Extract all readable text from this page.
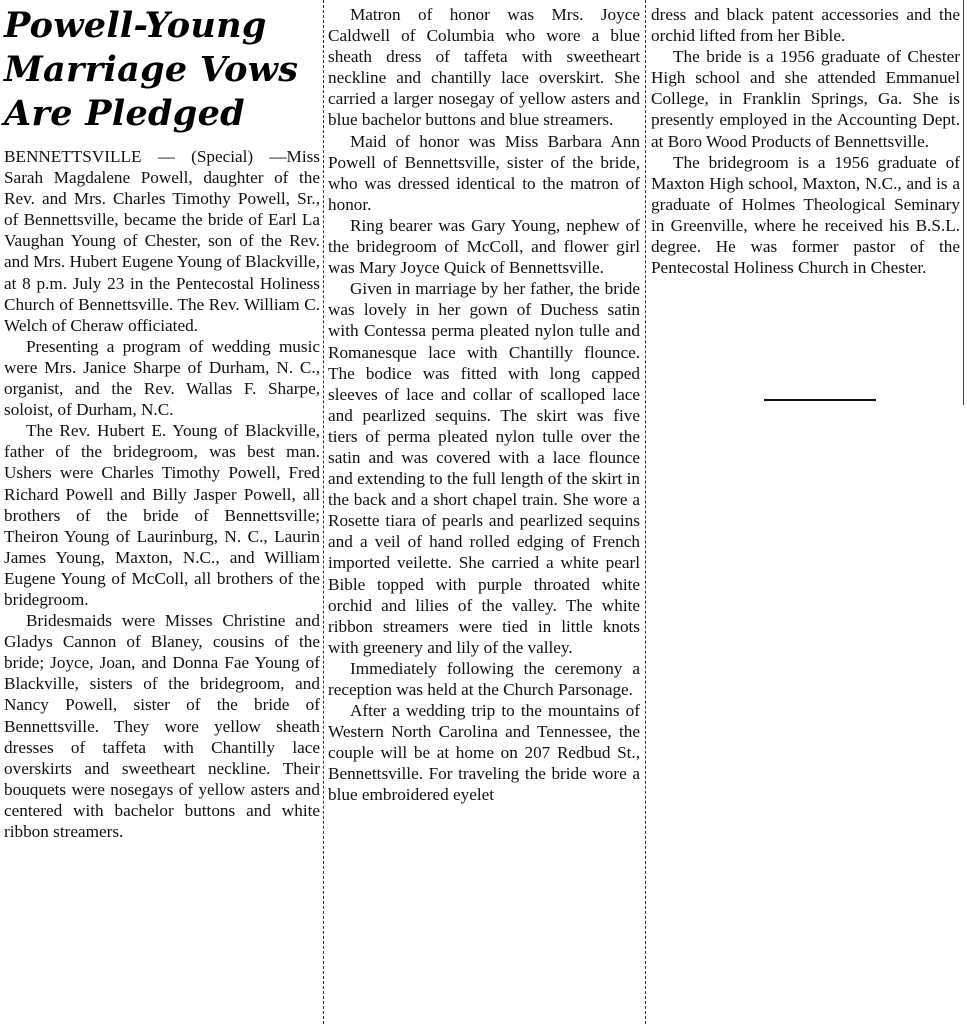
Powell-Young Marriage Vows Are Pledged

BENNETTSVILLE — (Special) —Miss Sarah Magdalene Powell, daughter of the Rev. and Mrs. Charles Timothy Powell, Sr., of Bennettsville, became the bride of Earl La Vaughan Young of Chester, son of the Rev. and Mrs. Hubert Eugene Young of Blackville, at 8 p.m. July 23 in the Pentecostal Holiness Church of Bennettsville. The Rev. William C. Welch of Cheraw officiated.

Presenting a program of wedding music were Mrs. Janice Sharpe of Durham, N. C., organist, and the Rev. Wallas F. Sharpe, soloist, of Durham, N.C.

The Rev. Hubert E. Young of Blackville, father of the bridegroom, was best man. Ushers were Charles Timothy Powell, Fred Richard Powell and Billy Jasper Powell, all brothers of the bride of Bennettsville; Theiron Young of Laurinburg, N. C., Laurin James Young, Maxton, N.C., and William Eugene Young of McColl, all brothers of the bridegroom.

Bridesmaids were Misses Christine and Gladys Cannon of Blaney, cousins of the bride; Joyce, Joan, and Donna Fae Young of Blackville, sisters of the bridegroom, and Nancy Powell, sister of the bride of Bennettsville. They wore yellow sheath dresses of taffeta with Chantilly lace overskirts and sweetheart neckline. Their bouquets were nosegays of yellow asters and centered with bachelor buttons and white ribbon streamers.

Matron of honor was Mrs. Joyce Caldwell of Columbia who wore a blue sheath dress of taffeta with sweetheart neckline and chantilly lace overskirt. She carried a larger nosegay of yellow asters and blue bachelor buttons and blue streamers.

Maid of honor was Miss Barbara Ann Powell of Bennettsville, sister of the bride, who was dressed identical to the matron of honor.

Ring bearer was Gary Young, nephew of the bridegroom of McColl, and flower girl was Mary Joyce Quick of Bennettsville.

Given in marriage by her father, the bride was lovely in her gown of Duchess satin with Contessa perma pleated nylon tulle and Romanesque lace with Chantilly flounce. The bodice was fitted with long capped sleeves of lace and collar of scalloped lace and pearlized sequins. The skirt was five tiers of perma pleated nylon tulle over the satin and was covered with a lace flounce and extending to the full length of the skirt in the back and a short chapel train. She wore a Rosette tiara of pearls and pearlized sequins and a veil of hand rolled edging of French imported veilette. She carried a white pearl Bible topped with purple throated white orchid and lilies of the valley. The white ribbon streamers were tied in little knots with greenery and lily of the valley.

Immediately following the ceremony a reception was held at the Church Parsonage.

After a wedding trip to the mountains of Western North Carolina and Tennessee, the couple will be at home on 207 Redbud St., Bennettsville. For traveling the bride wore a blue embroidered eyelet

dress and black patent accessories and the orchid lifted from her Bible.

The bride is a 1956 graduate of Chester High school and she attended Emmanuel College, in Franklin Springs, Ga. She is presently employed in the Accounting Dept. at Boro Wood Products of Bennettsville.

The bridegroom is a 1956 graduate of Maxton High school, Maxton, N.C., and is a graduate of Holmes Theological Seminary in Greenville, where he received his B.S.L. degree. He was former pastor of the Pentecostal Holiness Church in Chester.
